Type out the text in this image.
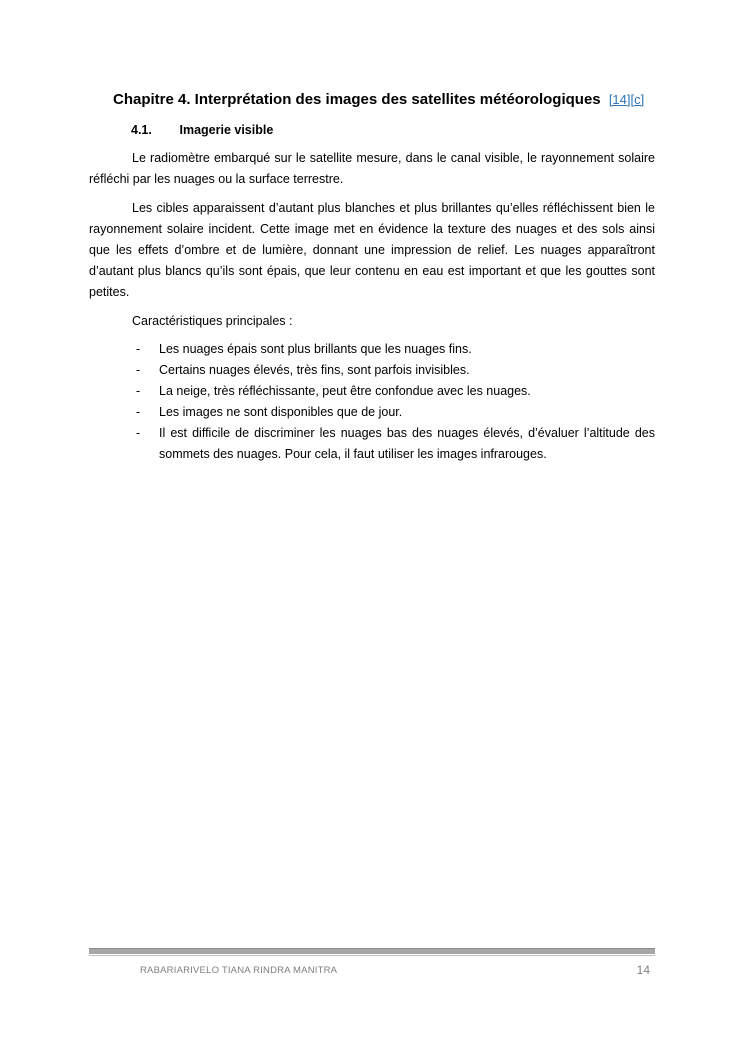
Chapitre 4. Interprétation des images des satellites météorologiques [14][c]
4.1. Imagerie visible

Le radiomètre embarqué sur le satellite mesure, dans le canal visible, le rayonnement solaire réfléchi par les nuages ou la surface terrestre.

Les cibles apparaissent d’autant plus blanches et plus brillantes qu’elles réfléchissent bien le rayonnement solaire incident. Cette image met en évidence la texture des nuages et des sols ainsi que les effets d’ombre et de lumière, donnant une impression de relief. Les nuages apparaîtront d’autant plus blancs qu’ils sont épais, que leur contenu en eau est important et que les gouttes sont petites.

Caractéristiques principales :

- Les nuages épais sont plus brillants que les nuages fins.
- Certains nuages élevés, très fins, sont parfois invisibles.
- La neige, très réfléchissante, peut être confondue avec les nuages.
- Les images ne sont disponibles que de jour.
- Il est difficile de discriminer les nuages bas des nuages élevés, d’évaluer l’altitude des sommets des nuages. Pour cela, il faut utiliser les images infrarouges.
RABARIARIVELO TIANA RINDRA MANITRA	14
